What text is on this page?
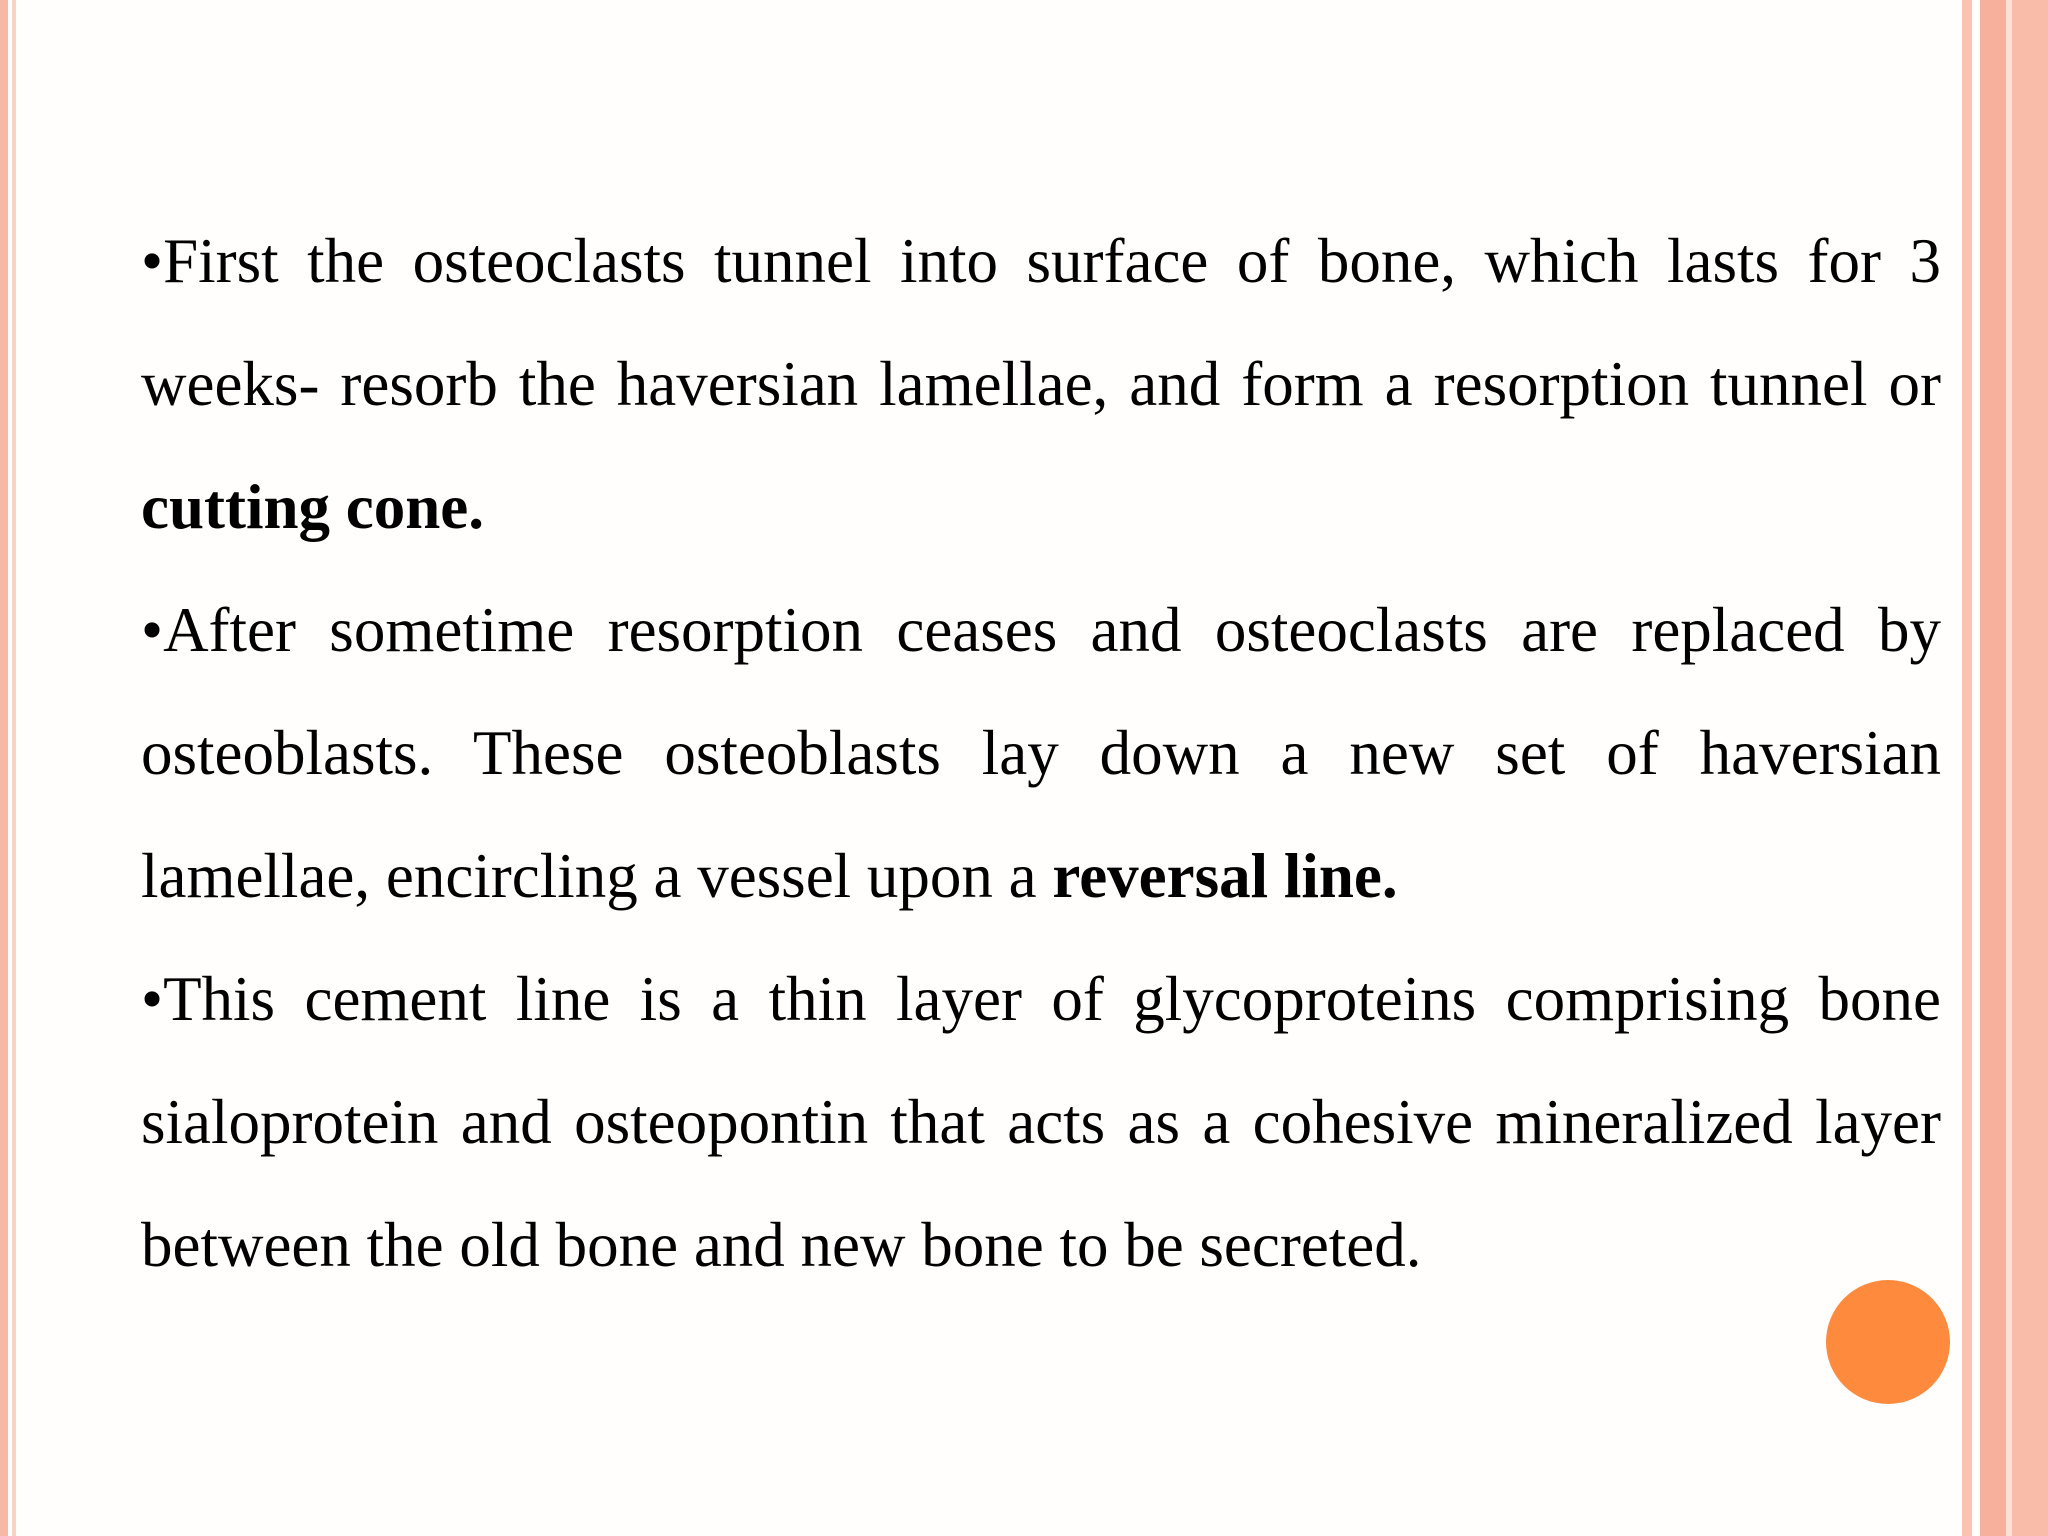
•First the osteoclasts tunnel into surface of bone, which lasts for 3 weeks- resorb the haversian lamellae, and form a resorption tunnel or cutting cone.

•After sometime resorption ceases and osteoclasts are replaced by osteoblasts. These osteoblasts lay down a new set of haversian lamellae, encircling a vessel upon a reversal line.

•This cement line is a thin layer of glycoproteins comprising bone sialoprotein and osteopontin that acts as a cohesive mineralized layer between the old bone and new bone to be secreted.
